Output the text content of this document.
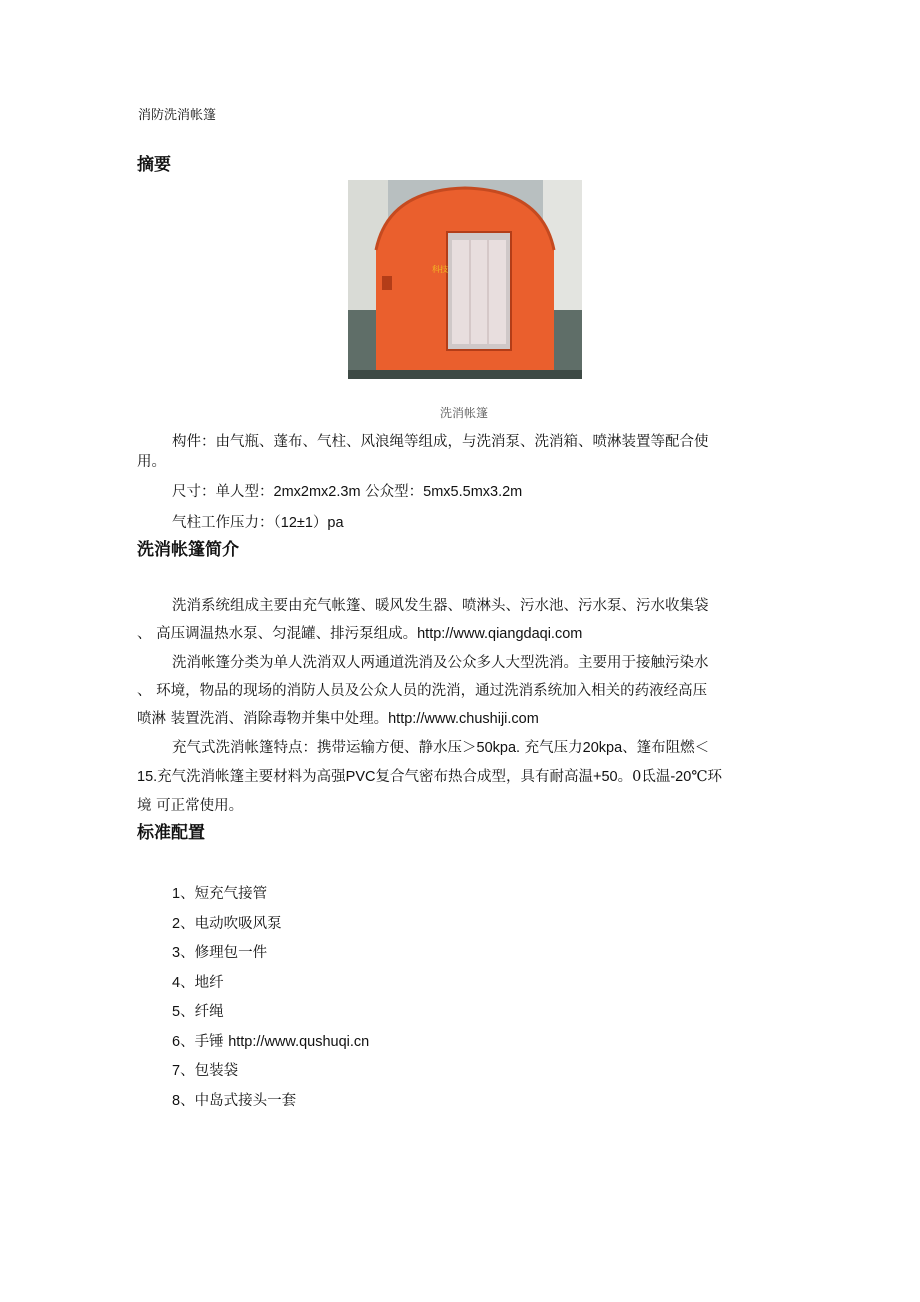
消防洗消帐篷
摘要
科技
洗消帐篷
构件：由气瓶、蓬布、气柱、风浪绳等组成，与洗消泵、洗消箱、喷淋装置等配合使
用。
尺寸：单人型：2mx2mx2.3m 公众型：5mx5.5mx3.2m
气柱工作压力：（12±1）pa
洗消帐篷简介
洗消系统组成主要由充气帐篷、暖风发生器、喷淋头、污水池、污水泵、污水收集袋
、 高压调温热水泵、匀混罐、排污泵组成。http://www.qiangdaqi.com
洗消帐篷分类为单人洗消双人两通道洗消及公众多人大型洗消。主要用于接触污染水
、 环境，物品的现场的消防人员及公众人员的洗消，通过洗消系统加入相关的药液经高压
喷淋 装置洗消、消除毒物并集中处理。http://www.chushiji.com
充气式洗消帐篷特点：携带运输方便、静水压＞50kpa. 充气压力20kpa、篷布阻燃＜
15.充气洗消帐篷主要材料为高强PVC复合气密布热合成型，具有耐高温+50。0氐温-20℃环
境 可正常使用。
标准配置
1、短充气接管
2、电动吹吸风泵
3、修理包一件
4、地纤
5、纤绳
6、手锤 http://www.qushuqi.cn
7、包装袋
8、中岛式接头一套
